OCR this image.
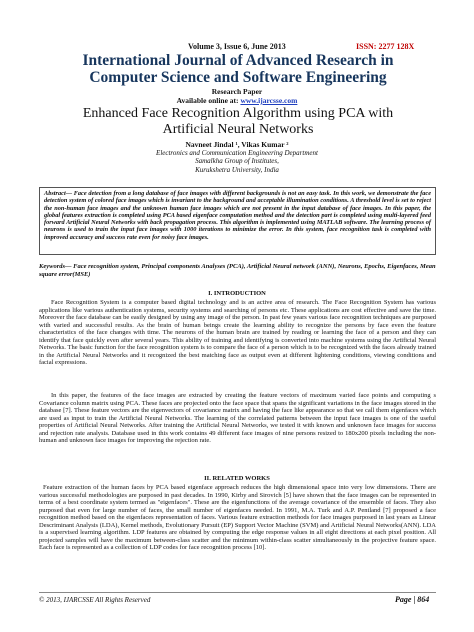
Volume 3, Issue 6, June 2013	ISSN: 2277 128X
International Journal of Advanced Research in
Computer Science and Software Engineering
Research Paper
Available online at: www.ijarcsse.com
Enhanced Face Recognition Algorithm using PCA with
Artificial Neural Networks
Navneet Jindal ¹, Vikas Kumar ²
Electronics and Communication Engineering Department
Samalkha Group of Institutes,
Kurukshetra University, India

Abstract— Face detection from a long database of face images with different backgrounds is not an easy task. In this work, we demonstrate the face detection system of colored face images which is invariant to the background and acceptable illumination conditions. A threshold level is set to reject the non-human face images and the unknown human face images which are not present in the input database of face images. In this paper, the global features extraction is completed using PCA based eigenface computation method and the detection part is completed using multi-layered feed forward Artificial Neural Networks with back propagation process. This algorithm is implemented using MATLAB software. The learning process of neurons is used to train the input face images with 1000 iterations to minimize the error. In this system, face recognition task is completed with improved accuracy and success rate even for noisy face images.

Keywords— Face recognition system, Principal components Analyses (PCA), Artificial Neural network (ANN), Neurons, Epochs, Eigenfaces, Mean square error(MSE)

I. INTRODUCTION

Face Recognition System is a computer based digital technology and is an active area of research. The Face Recognition System has various applications like various authentication systems, security systems and searching of persons etc. These applications are cost effective and save the time. Moreover the face database can be easily designed by using any image of the person. In past few years various face recognition techniques are purposed with varied and successful results. As the brain of human beings create the learning ability to recognize the persons by face even the feature characteristics of the face changes with time. The neurons of the human brain are trained by reading or learning the face of a person and they can identify that face quickly even after several years. This ability of training and identifying is converted into machine systems using the Artificial Neural Networks. The basic function for the face recognition system is to compare the face of a person which is to be recognized with the faces already trained in the Artificial Neural Networks and it recognized the best matching face as output even at different lightening conditions, viewing conditions and facial expressions.

In this paper, the features of the face images are extracted by creating the feature vectors of maximum varied face points and computing s Covariance column matrix using PCA. These faces are projected onto the face space that spans the significant variations in the face images stored in the database [7]. These feature vectors are the eigenvectors of covariance matrix and having the face like appearance so that we call them eigenfaces which are used as input to train the Artificial Neural Networks. The learning of the correlated patterns between the input face images is one of the useful properties of Artificial Neural Networks. After training the Artificial Neural Networks, we tested it with known and unknown face images for success and rejection rate analysis. Database used in this work contains 49 different face images of nine persons resized to 180x200 pixels including the non-human and unknown face images for improving the rejection rate.

II. RELATED WORKS

Feature extraction of the human faces by PCA based eigenface approach reduces the high dimensional space into very low dimensions. There are various successful methodologies are purposed in past decades. In 1990, Kirby and Sirovich [5] have shown that the face images can be represented in terms of a best coordinate system termed as "eigenfaces". These are the eigenfunctions of the average covariance of the ensemble of faces. They also purposed that even for large number of faces, the small number of eigenfaces needed. In 1991, M.A. Turk and A.P. Pentland [7] proposed a face recognition method based on the eigenfaces representation of faces. Various feature extraction methods for face images purposed in last years as Linear Descriminant Analysis (LDA), Kernel methods, Evolutionary Pursuit (EP) Support Vector Machine (SVM) and Artificial Neural Networks(ANN). LDA is a supervised learning algorithm. LDP features are obtained by computing the edge response values in all eight directions at each pixel position. All projected samples will have the maximum between-class scatter and the minimum within-class scatter simultaneously in the projective feature space. Each face is represented as a collection of LDP codes for face recognition process [10].

© 2013, IJARCSSE All Rights Reserved	Page | 864
